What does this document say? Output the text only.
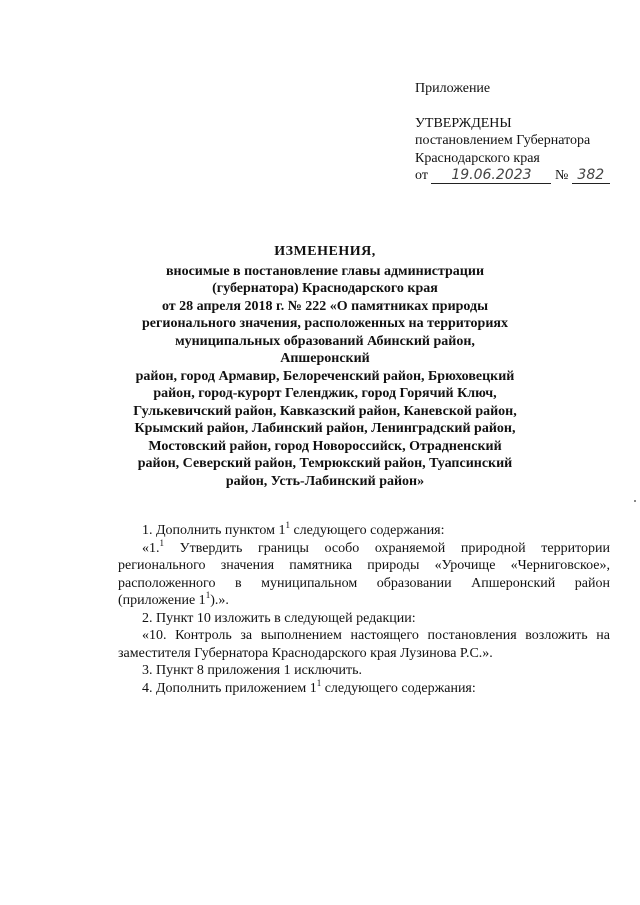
Приложение
УТВЕРЖДЕНЫ
постановлением Губернатора
Краснодарского края
от 19.06.2023 № 382
ИЗМЕНЕНИЯ,
вносимые в постановление главы администрации
(губернатора) Краснодарского края
от 28 апреля 2018 г. № 222 «О памятниках природы
регионального значения, расположенных на территориях
муниципальных образований Абинский район, Апшеронский
район, город Армавир, Белореченский район, Брюховецкий
район, город-курорт Геленджик, город Горячий Ключ,
Гулькевичский район, Кавказский район, Каневской район,
Крымский район, Лабинский район, Ленинградский район,
Мостовский район, город Новороссийск, Отрадненский
район, Северский район, Темрюкский район, Туапсинский
район, Усть-Лабинский район»

1. Дополнить пунктом $1^1$ следующего содержания:

«1.$^1$ Утвердить границы особо охраняемой природной территории регионального значения памятника природы «Урочище «Черниговское», расположенного в муниципальном образовании Апшеронский район (приложение $1^1$).».

2. Пункт 10 изложить в следующей редакции:

«10. Контроль за выполнением настоящего постановления возложить на заместителя Губернатора Краснодарского края Лузинова Р.С.».

3. Пункт 8 приложения 1 исключить.

4. Дополнить приложением $1^1$ следующего содержания:
